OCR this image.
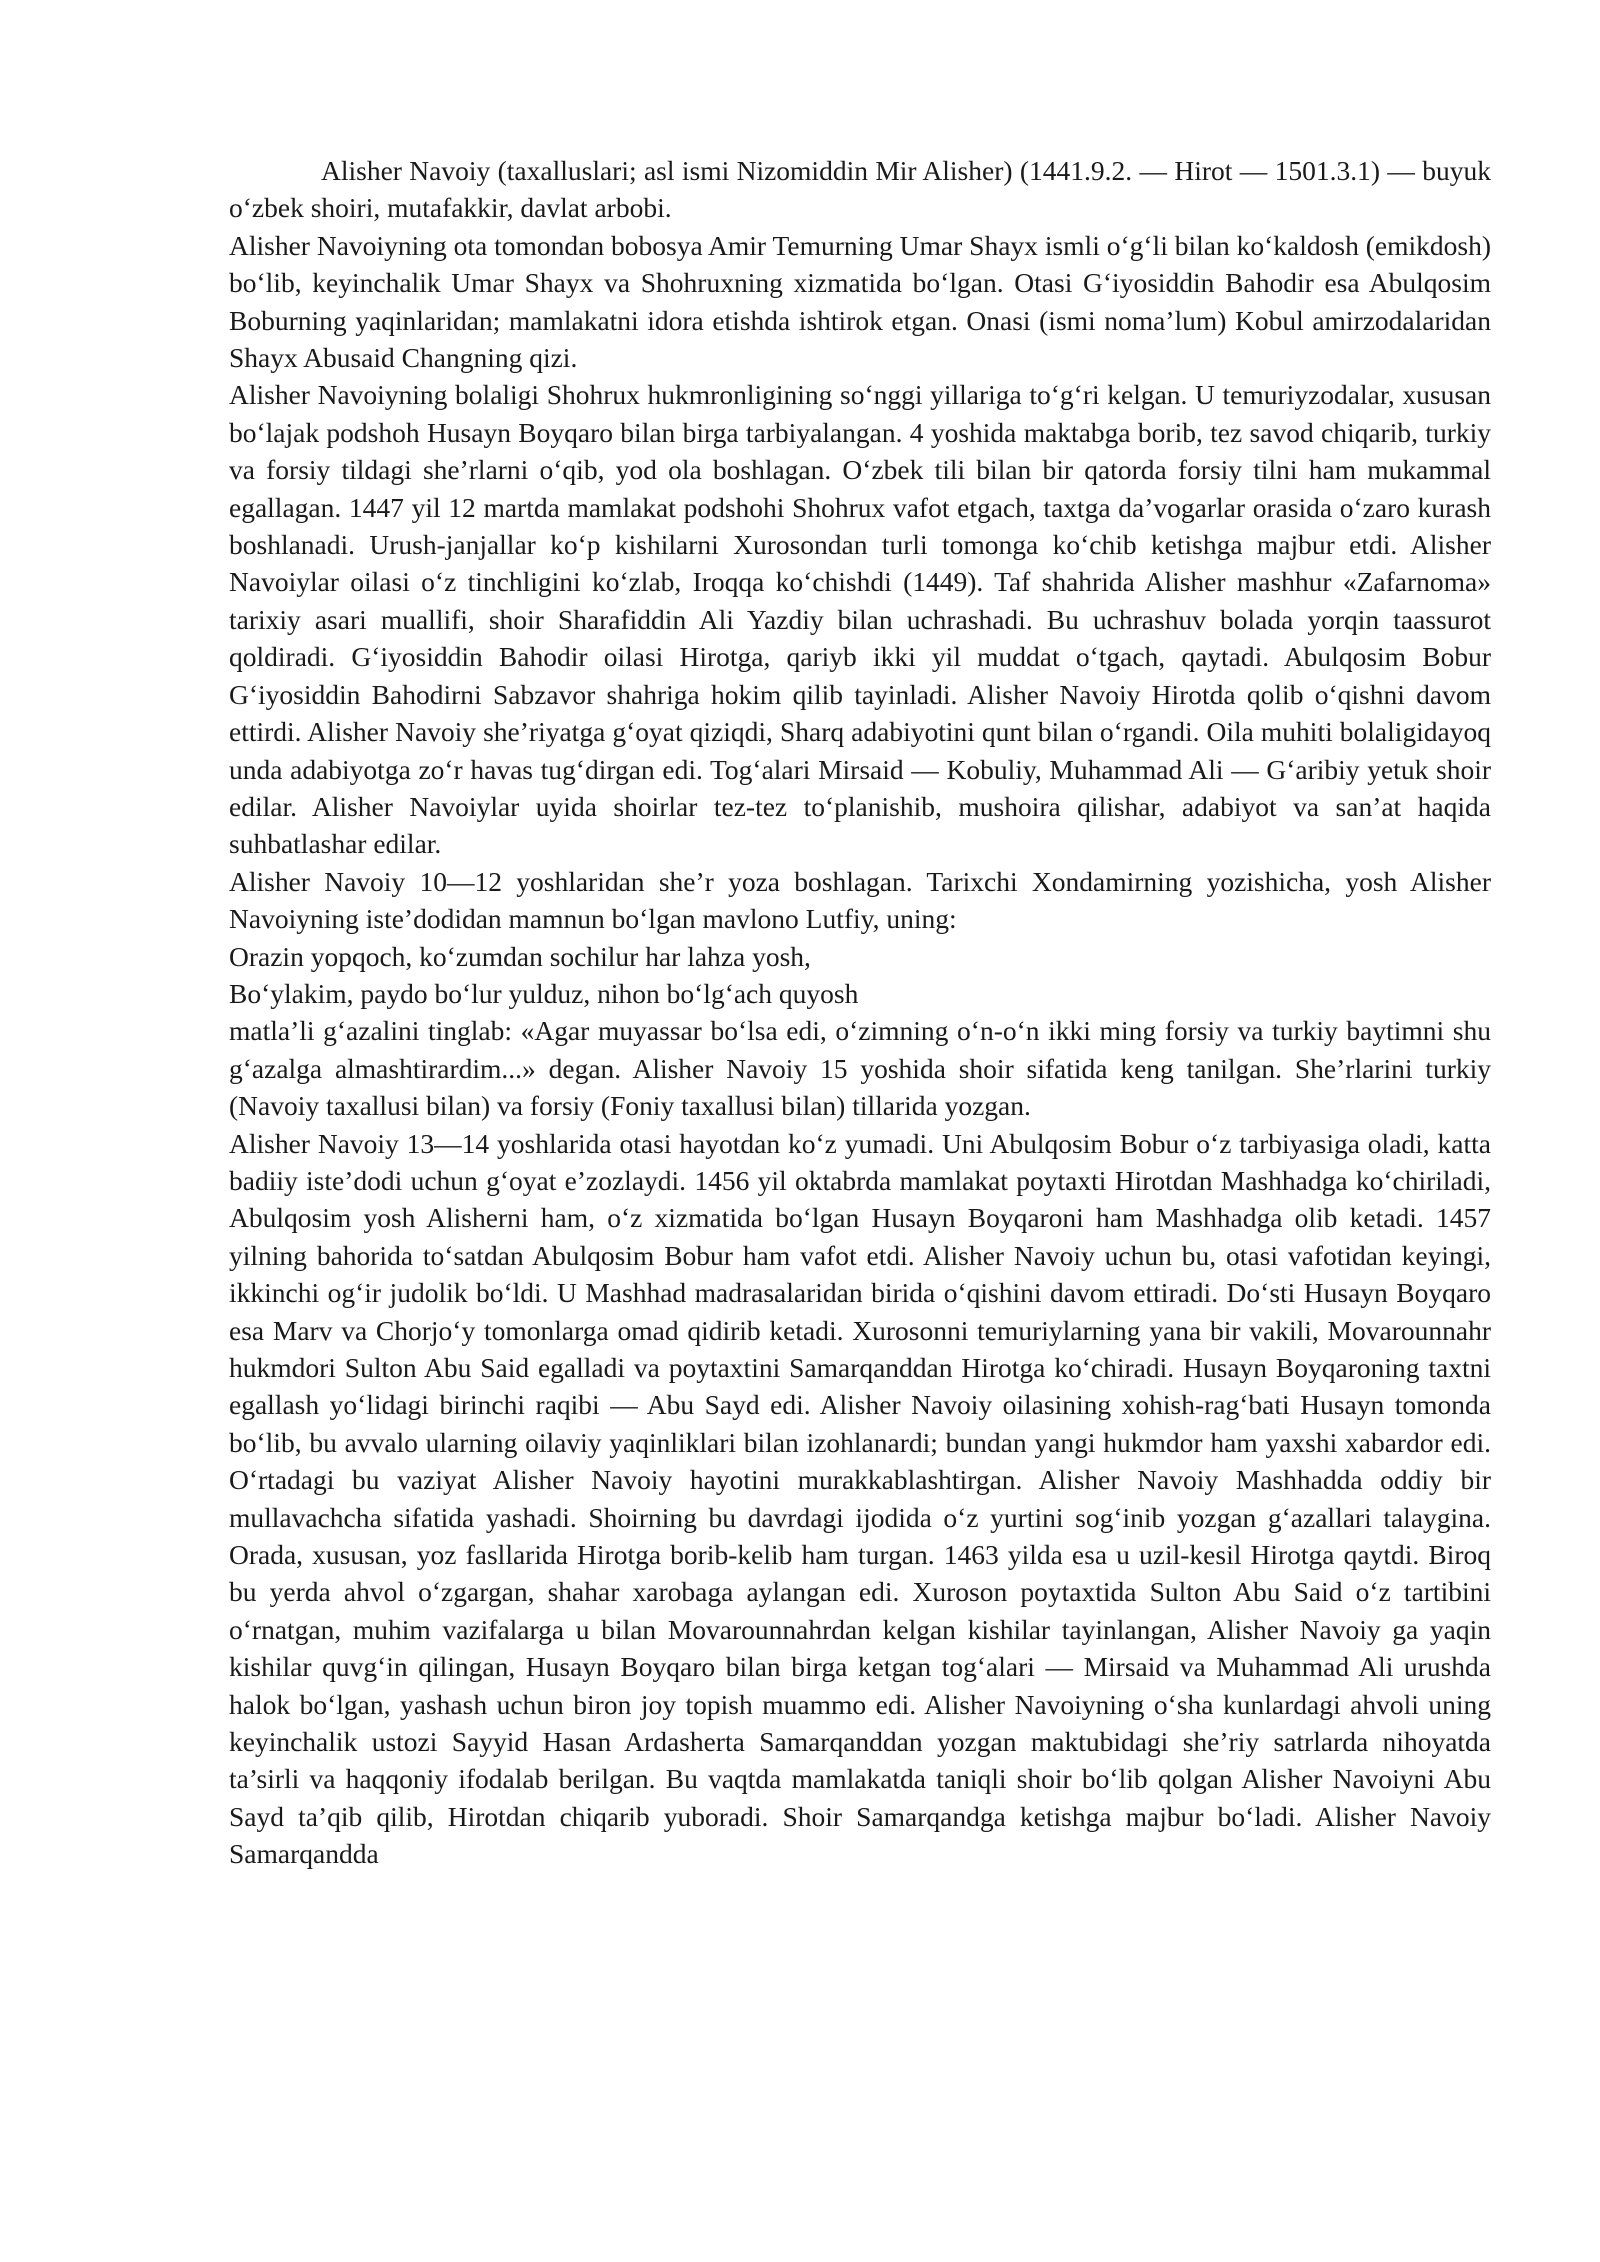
Alisher Navoiy (taxalluslari; asl ismi Nizomiddin Mir Alisher) (1441.9.2. — Hirot — 1501.3.1) — buyuk o‘zbek shoiri, mutafakkir, davlat arbobi.

Alisher Navoiyning ota tomondan bobosya Amir Temurning Umar Shayx ismli o‘g‘li bilan ko‘kaldosh (emikdosh) bo‘lib, keyinchalik Umar Shayx va Shohruxning xizmatida bo‘lgan. Otasi G‘iyosiddin Bahodir esa Abulqosim Boburning yaqinlaridan; mamlakatni idora etishda ishtirok etgan. Onasi (ismi noma’lum) Kobul amirzodalaridan Shayx Abusaid Changning qizi.

Alisher Navoiyning bolaligi Shohrux hukmronligining so‘nggi yillariga to‘g‘ri kelgan. U temuriyzodalar, xususan bo‘lajak podshoh Husayn Boyqaro bilan birga tarbiyalangan. 4 yoshida maktabga borib, tez savod chiqarib, turkiy va forsiy tildagi she’rlarni o‘qib, yod ola boshlagan. O‘zbek tili bilan bir qatorda forsiy tilni ham mukammal egallagan. 1447 yil 12 martda mamlakat podshohi Shohrux vafot etgach, taxtga da’vogarlar orasida o‘zaro kurash boshlanadi. Urush-janjallar ko‘p kishilarni Xurosondan turli tomonga ko‘chib ketishga majbur etdi. Alisher Navoiylar oilasi o‘z tinchligini ko‘zlab, Iroqqa ko‘chishdi (1449). Taf shahrida Alisher mashhur «Zafarnoma» tarixiy asari muallifi, shoir Sharafiddin Ali Yazdiy bilan uchrashadi. Bu uchrashuv bolada yorqin taassurot qoldiradi. G‘iyosiddin Bahodir oilasi Hirotga, qariyb ikki yil muddat o‘tgach, qaytadi. Abulqosim Bobur G‘iyosiddin Bahodirni Sabzavor shahriga hokim qilib tayinladi. Alisher Navoiy Hirotda qolib o‘qishni davom ettirdi. Alisher Navoiy she’riyatga g‘oyat qiziqdi, Sharq adabiyotini qunt bilan o‘rgandi. Oila muhiti bolaligidayoq unda adabiyotga zo‘r havas tug‘dirgan edi. Tog‘alari Mirsaid — Kobuliy, Muhammad Ali — G‘aribiy yetuk shoir edilar. Alisher Navoiylar uyida shoirlar tez-tez to‘planishib, mushoira qilishar, adabiyot va san’at haqida suhbatlashar edilar.

Alisher Navoiy 10—12 yoshlaridan she’r yoza boshlagan. Tarixchi Xondamirning yozishicha, yosh Alisher Navoiyning iste’dodidan mamnun bo‘lgan mavlono Lutfiy, uning:

Orazin yopqoch, ko‘zumdan sochilur har lahza yosh,

Bo‘ylakim, paydo bo‘lur yulduz, nihon bo‘lg‘ach quyosh

matla’li g‘azalini tinglab: «Agar muyassar bo‘lsa edi, o‘zimning o‘n-o‘n ikki ming forsiy va turkiy baytimni shu g‘azalga almashtirardim...» degan. Alisher Navoiy 15 yoshida shoir sifatida keng tanilgan. She’rlarini turkiy (Navoiy taxallusi bilan) va forsiy (Foniy taxallusi bilan) tillarida yozgan.

Alisher Navoiy 13—14 yoshlarida otasi hayotdan ko‘z yumadi. Uni Abulqosim Bobur o‘z tarbiyasiga oladi, katta badiiy iste’dodi uchun g‘oyat e’zozlaydi. 1456 yil oktabrda mamlakat poytaxti Hirotdan Mashhadga ko‘chiriladi, Abulqosim yosh Alisherni ham, o‘z xizmatida bo‘lgan Husayn Boyqaroni ham Mashhadga olib ketadi. 1457 yilning bahorida to‘satdan Abulqosim Bobur ham vafot etdi. Alisher Navoiy uchun bu, otasi vafotidan keyingi, ikkinchi og‘ir judolik bo‘ldi. U Mashhad madrasalaridan birida o‘qishini davom ettiradi. Do‘sti Husayn Boyqaro esa Marv va Chorjo‘y tomonlarga omad qidirib ketadi. Xurosonni temuriylarning yana bir vakili, Movarounnahr hukmdori Sulton Abu Said egalladi va poytaxtini Samarqanddan Hirotga ko‘chiradi. Husayn Boyqaroning taxtni egallash yo‘lidagi birinchi raqibi — Abu Sayd edi. Alisher Navoiy oilasining xohish-rag‘bati Husayn tomonda bo‘lib, bu avvalo ularning oilaviy yaqinliklari bilan izohlanardi; bundan yangi hukmdor ham yaxshi xabardor edi. O‘rtadagi bu vaziyat Alisher Navoiy hayotini murakkablashtirgan. Alisher Navoiy Mashhadda oddiy bir mullavachcha sifatida yashadi. Shoirning bu davrdagi ijodida o‘z yurtini sog‘inib yozgan g‘azallari talaygina. Orada, xususan, yoz fasllarida Hirotga borib-kelib ham turgan. 1463 yilda esa u uzil-kesil Hirotga qaytdi. Biroq bu yerda ahvol o‘zgargan, shahar xarobaga aylangan edi. Xuroson poytaxtida Sulton Abu Said o‘z tartibini o‘rnatgan, muhim vazifalarga u bilan Movarounnahrdan kelgan kishilar tayinlangan, Alisher Navoiy ga yaqin kishilar quvg‘in qilingan, Husayn Boyqaro bilan birga ketgan tog‘alari — Mirsaid va Muhammad Ali urushda halok bo‘lgan, yashash uchun biron joy topish muammo edi. Alisher Navoiyning o‘sha kunlardagi ahvoli uning keyinchalik ustozi Sayyid Hasan Ardasherta Samarqanddan yozgan maktubidagi she’riy satrlarda nihoyatda ta’sirli va haqqoniy ifodalab berilgan. Bu vaqtda mamlakatda taniqli shoir bo‘lib qolgan Alisher Navoiyni Abu Sayd ta’qib qilib, Hirotdan chiqarib yuboradi. Shoir Samarqandga ketishga majbur bo‘ladi. Alisher Navoiy Samarqandda
